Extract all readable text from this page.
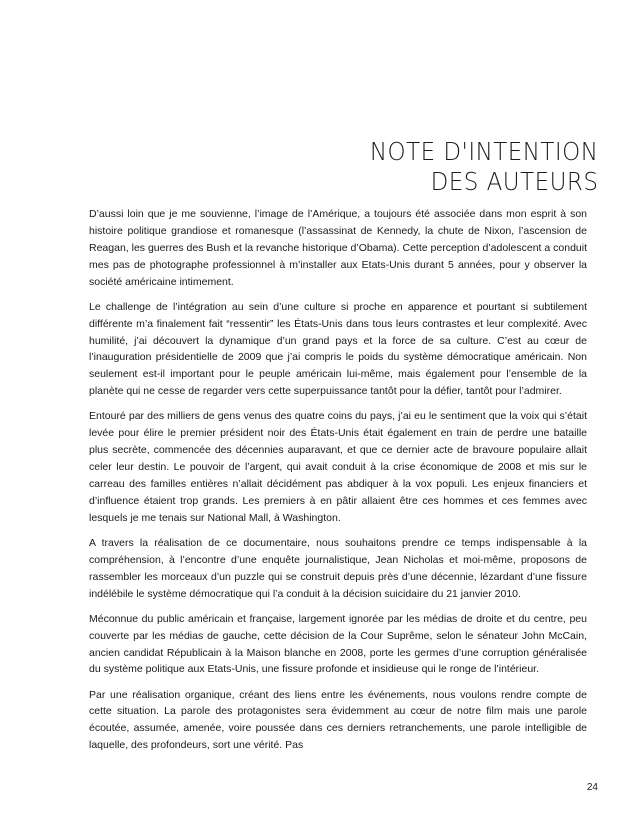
NOTE D'INTENTION
DES AUTEURS

D’aussi loin que je me souvienne, l’image de l’Amérique, a toujours été associée dans mon esprit à son histoire politique grandiose et romanesque (l’assassinat de Kennedy, la chute de Nixon, l’ascension de Reagan, les guerres des Bush et la revanche historique d’Obama). Cette perception d’adolescent a conduit mes pas de photographe professionnel à m’installer aux Etats-Unis durant 5 années, pour y observer la société américaine intimement.

Le challenge de l’intégration au sein d’une culture si proche en apparence et pourtant si subtilement différente m’a finalement fait “ressentir” les États-Unis dans tous leurs contrastes et leur complexité. Avec humilité, j’ai découvert la dynamique d’un grand pays et la force de sa culture. C’est au cœur de l’inauguration présidentielle de 2009 que j’ai compris le poids du système démocratique américain. Non seulement est-il important pour le peuple américain lui-même, mais également pour l’ensemble de la planète qui ne cesse de regarder vers cette superpuissance tantôt pour la défier, tantôt pour l’admirer.

Entouré par des milliers de gens venus des quatre coins du pays, j’ai eu le sentiment que la voix qui s’était levée pour élire le premier président noir des États-Unis était également en train de perdre une bataille plus secrète, commencée des décennies auparavant, et que ce dernier acte de bravoure populaire allait celer leur destin. Le pouvoir de l’argent, qui avait conduit à la crise économique de 2008 et mis sur le carreau des familles entières n’allait décidément pas abdiquer à la vox populi. Les enjeux financiers et d’influence étaient trop grands. Les premiers à en pâtir allaient être ces hommes et ces femmes avec lesquels je me tenais sur National Mall, à Washington.

A travers la réalisation de ce documentaire, nous souhaitons prendre ce temps indispensable à la compréhension, à l’encontre d’une enquête journalistique, Jean Nicholas et moi-même, proposons de rassembler les morceaux d’un puzzle qui se construit depuis près d’une décennie, lézardant d’une fissure indélébile le système démocratique qui l’a conduit à la décision suicidaire du 21 janvier 2010.

Méconnue du public américain et française, largement ignorée par les médias de droite et du centre, peu couverte par les médias de gauche, cette décision de la Cour Suprême, selon le sénateur John McCain, ancien candidat Républicain à la Maison blanche en 2008, porte les germes d’une corruption généralisée du système politique aux Etats-Unis, une fissure profonde et insidieuse qui le ronge de l’intérieur.

Par une réalisation organique, créant des liens entre les événements, nous voulons rendre compte de cette situation. La parole des protagonistes sera évidemment au cœur de notre film mais une parole écoutée, assumée, amenée, voire poussée dans ces derniers retranchements, une parole intelligible de laquelle, des profondeurs, sort une vérité. Pas

24
